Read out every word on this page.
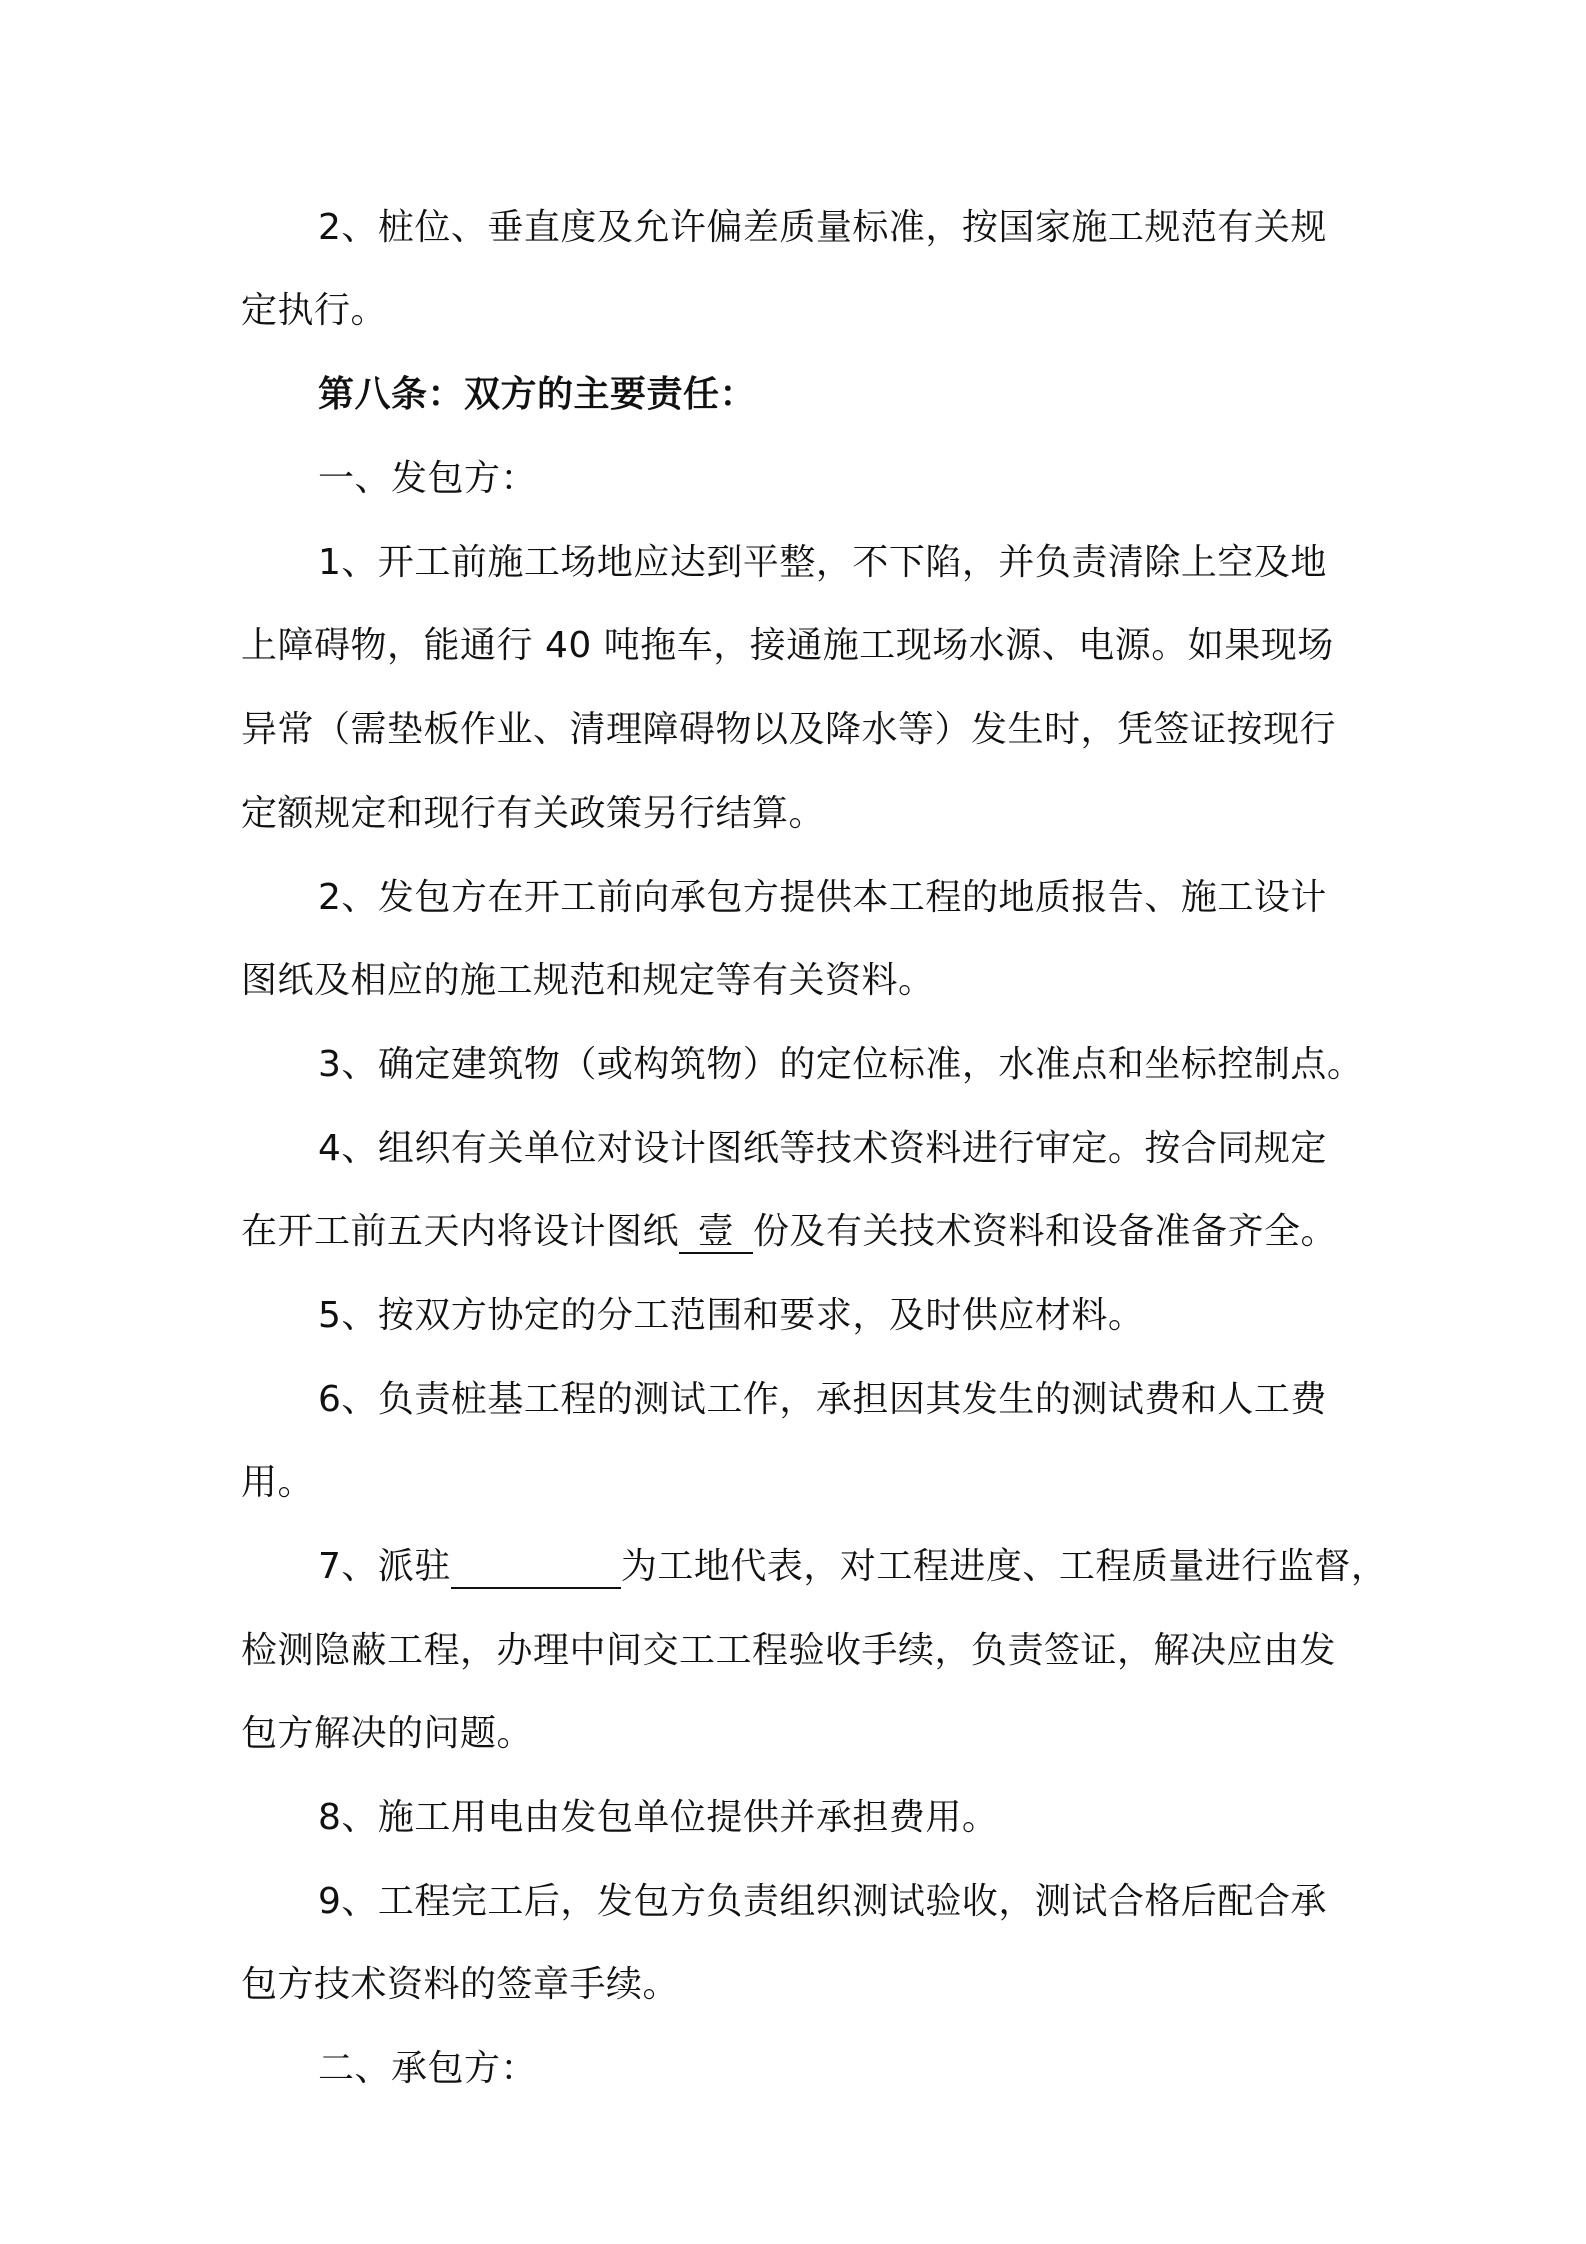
2、桩位、垂直度及允许偏差质量标准，按国家施工规范有关规
定执行。
第八条：双方的主要责任：
一、发包方：
1、开工前施工场地应达到平整，不下陷，并负责清除上空及地
上障碍物，能通行 40 吨拖车，接通施工现场水源、电源。如果现场
异常（需垫板作业、清理障碍物以及降水等）发生时，凭签证按现行
定额规定和现行有关政策另行结算。
2、发包方在开工前向承包方提供本工程的地质报告、施工设计
图纸及相应的施工规范和规定等有关资料。
3、确定建筑物（或构筑物）的定位标准，水准点和坐标控制点。
4、组织有关单位对设计图纸等技术资料进行审定。按合同规定
在开工前五天内将设计图纸 壹 份及有关技术资料和设备准备齐全。
5、按双方协定的分工范围和要求，及时供应材料。
6、负责桩基工程的测试工作，承担因其发生的测试费和人工费
用。
7、派驻	为工地代表，对工程进度、工程质量进行监督，
检测隐蔽工程，办理中间交工工程验收手续，负责签证，解决应由发
包方解决的问题。
8、施工用电由发包单位提供并承担费用。
9、工程完工后，发包方负责组织测试验收，测试合格后配合承
包方技术资料的签章手续。
二、承包方：
